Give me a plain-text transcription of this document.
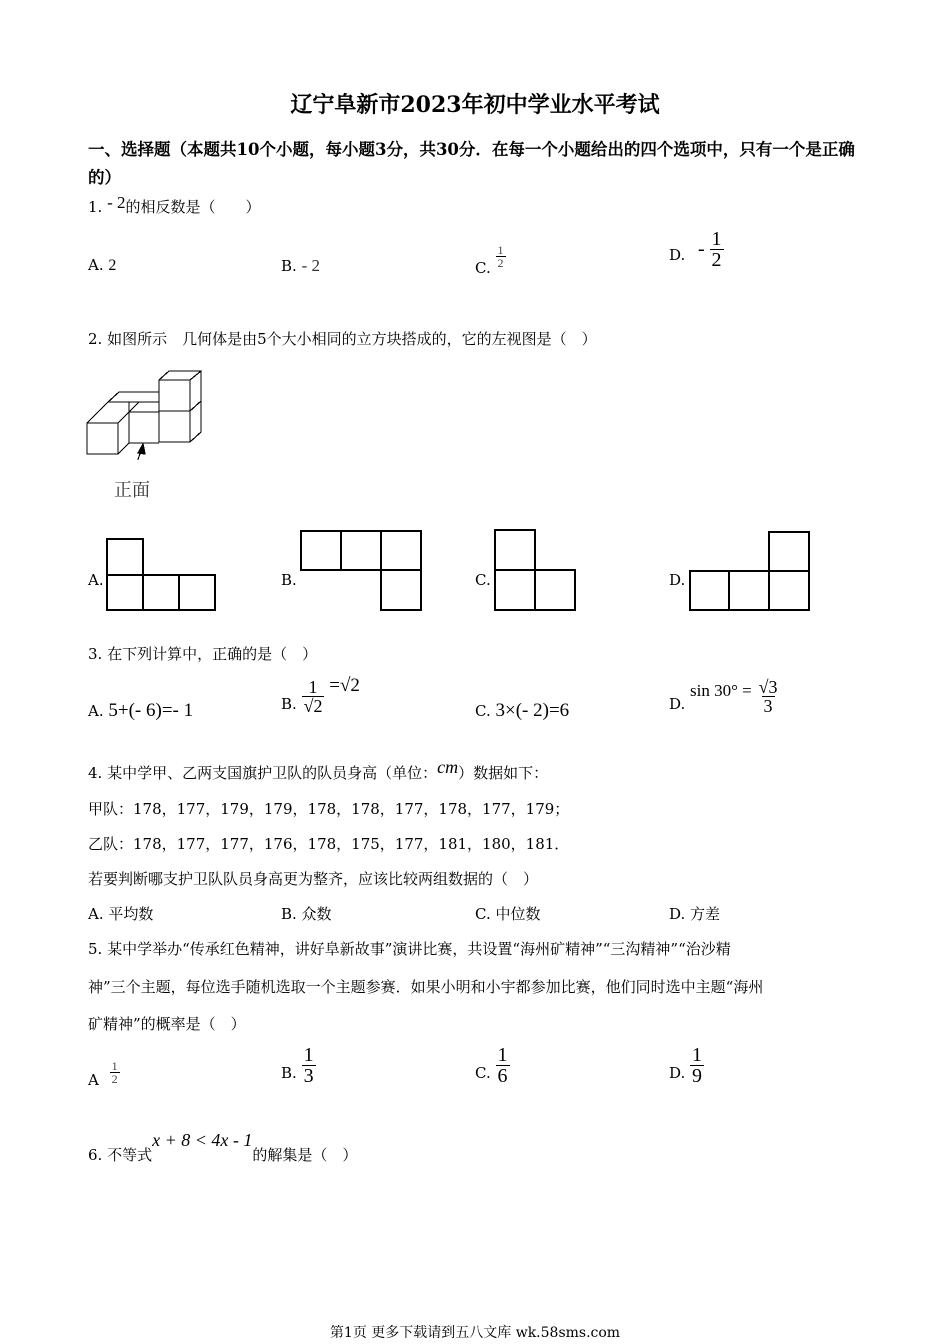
辽宁阜新市2023年初中学业水平考试
一、选择题（本题共10个小题，每小题3分，共30分．在每一个小题给出的四个选项中，只有一个是正确的）
1. - 2的相反数是（　　）
A. 2	B. - 2	C. $\frac{1}{2}$	D. - $\frac{1}{2}$
2. 如图所示　几何体是由5个大小相同的立方块搭成的，它的左视图是（　）
正面
A.	B.	C.	D.
3. 在下列计算中，正确的是（　）
A. 5+(- 6)=- 1	B. $\frac{1}{√2} =√2$
C. 3×(- 2)=6	D. $\sin 30^\circ = \frac{√3}{3}$
4. 某中学甲、乙两支国旗护卫队的队员身高（单位：cm）数据如下：
甲队：178，177，179，179，178，178，177，178，177，179；
乙队：178，177，177，176，178，175，177，181，180，181．
若要判断哪支护卫队队员身高更为整齐，应该比较两组数据的（　）
A. 平均数	B. 众数	C. 中位数	D. 方差
5. 某中学举办“传承红色精神，讲好阜新故事”演讲比赛，共设置“海州矿精神”“三沟精神”“治沙精
神”三个主题，每位选手随机选取一个主题参赛．如果小明和小宇都参加比赛，他们同时选中主题“海州
矿精神”的概率是（　）
A $\frac{1}{2}$	B. $\frac{1}{3}$	C. $\frac{1}{6}$	D. $\frac{1}{9}$
6. 不等式x + 8 < 4x - 1的解集是（　）
第1页 更多下载请到五八文库 wk.58sms.com
